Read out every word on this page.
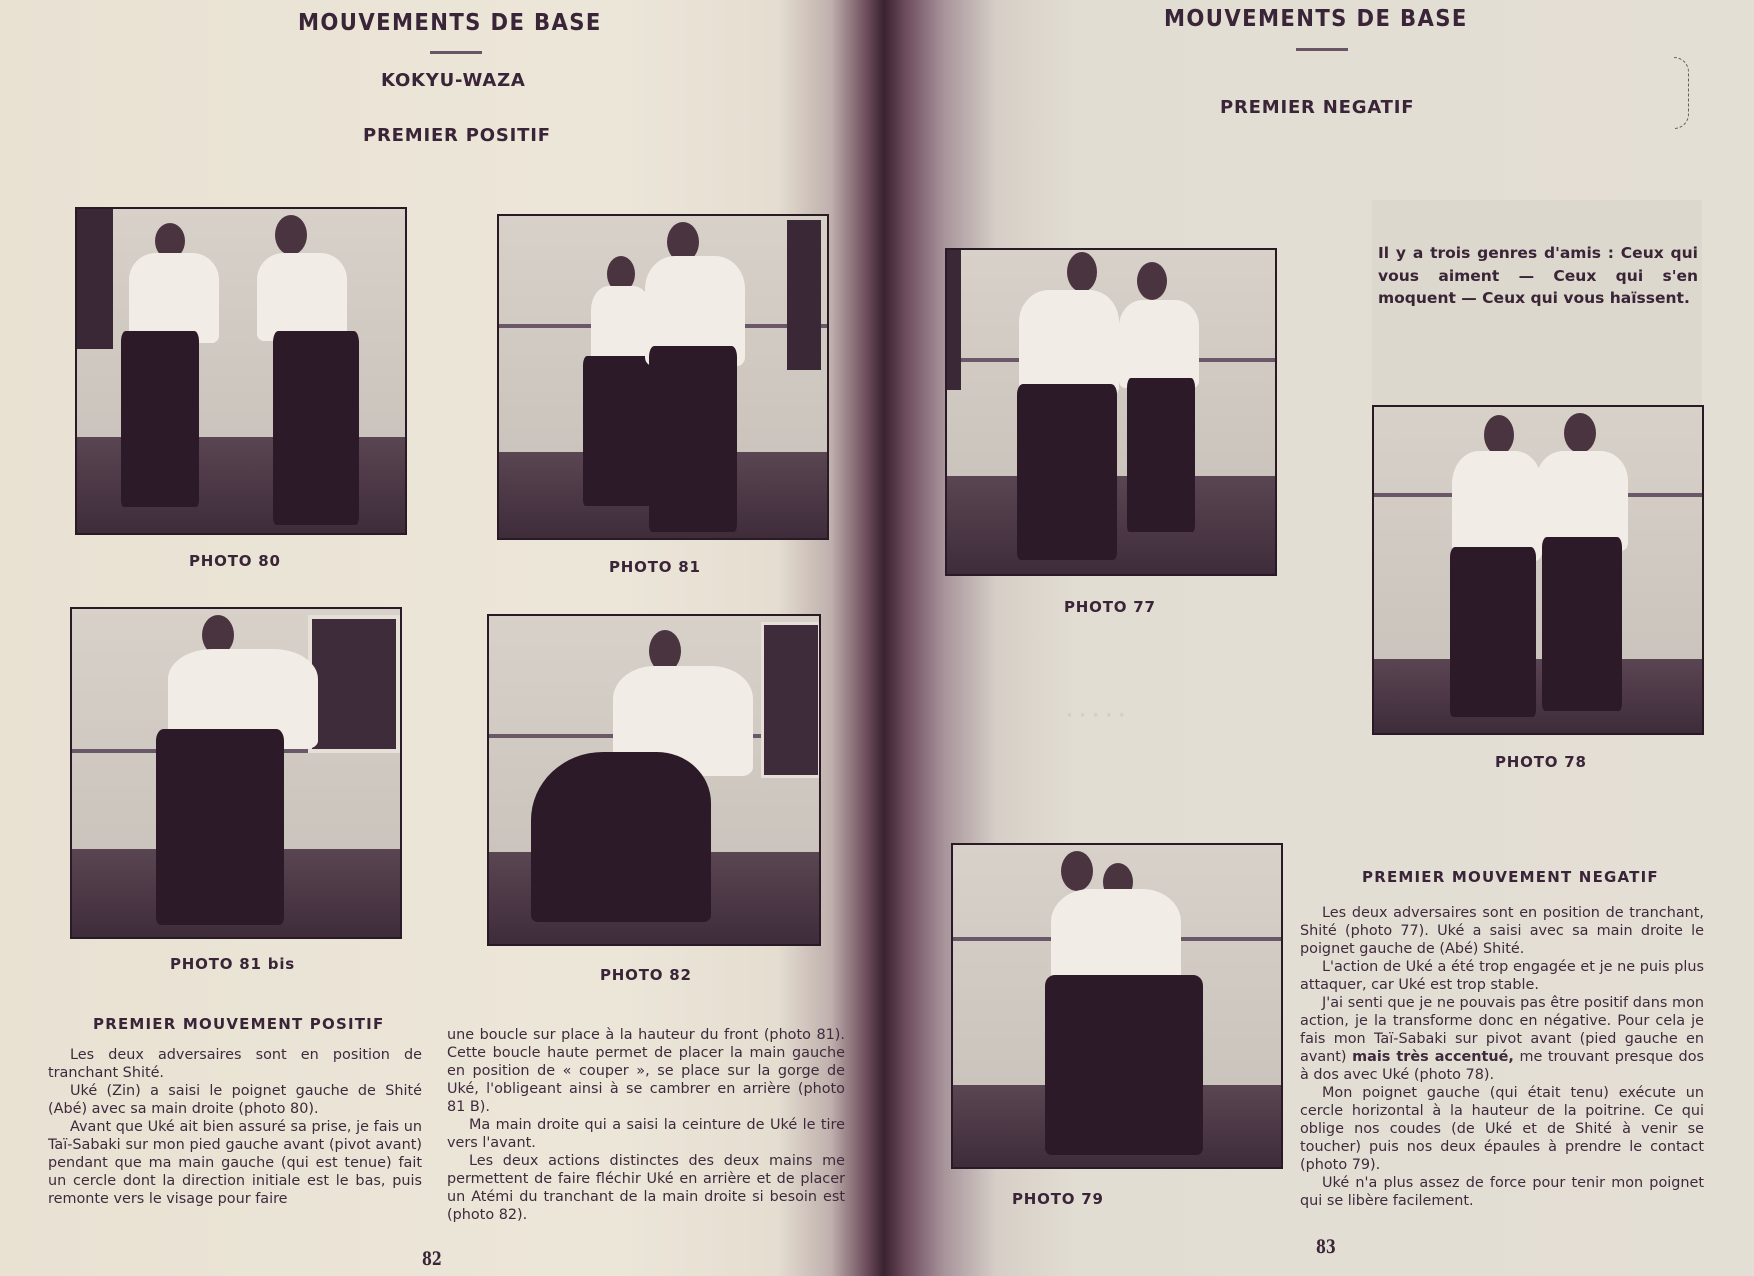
MOUVEMENTS DE BASE
KOKYU-WAZA
PREMIER POSITIF
PHOTO 80	PHOTO 81
PHOTO 81 bis
PHOTO 82
PREMIER MOUVEMENT POSITIF

Les deux adversaires sont en position de tranchant Shité.

Uké (Zin) a saisi le poignet gauche de Shité (Abé) avec sa main droite (photo 80).

Avant que Uké ait bien assuré sa prise, je fais un Taï-Sabaki sur mon pied gauche avant (pivot avant) pendant que ma main gauche (qui est tenue) fait un cercle dont la direction initiale est le bas, puis remonte vers le visage pour faire

une boucle sur place à la hauteur du front (photo 81). Cette boucle haute permet de placer la main gauche en position de « couper », se place sur la gorge de Uké, l'obligeant ainsi à se cambrer en arrière (photo 81 B).

Ma main droite qui a saisi la ceinture de Uké le tire vers l'avant.

Les deux actions distinctes des deux mains me permettent de faire fléchir Uké en arrière et de placer un Atémi du tranchant de la main droite si besoin est (photo 82).

82
MOUVEMENTS DE BASE
PREMIER NEGATIF
Il y a trois genres d'amis : Ceux qui vous aiment — Ceux qui s'en moquent — Ceux qui vous haïssent.
PHOTO 77
PHOTO 78
PHOTO 79
· · · · ·
PREMIER MOUVEMENT NEGATIF

Les deux adversaires sont en position de tranchant, Shité (photo 77). Uké a saisi avec sa main droite le poignet gauche de (Abé) Shité.

L'action de Uké a été trop engagée et je ne puis plus attaquer, car Uké est trop stable.

J'ai senti que je ne pouvais pas être positif dans mon action, je la transforme donc en négative. Pour cela je fais mon Taï-Sabaki sur pivot avant (pied gauche en avant) mais très accentué, me trouvant presque dos à dos avec Uké (photo 78).

Mon poignet gauche (qui était tenu) exécute un cercle horizontal à la hauteur de la poitrine. Ce qui oblige nos coudes (de Uké et de Shité à venir se toucher) puis nos deux épaules à prendre le contact (photo 79).

Uké n'a plus assez de force pour tenir mon poignet qui se libère facilement.

83
